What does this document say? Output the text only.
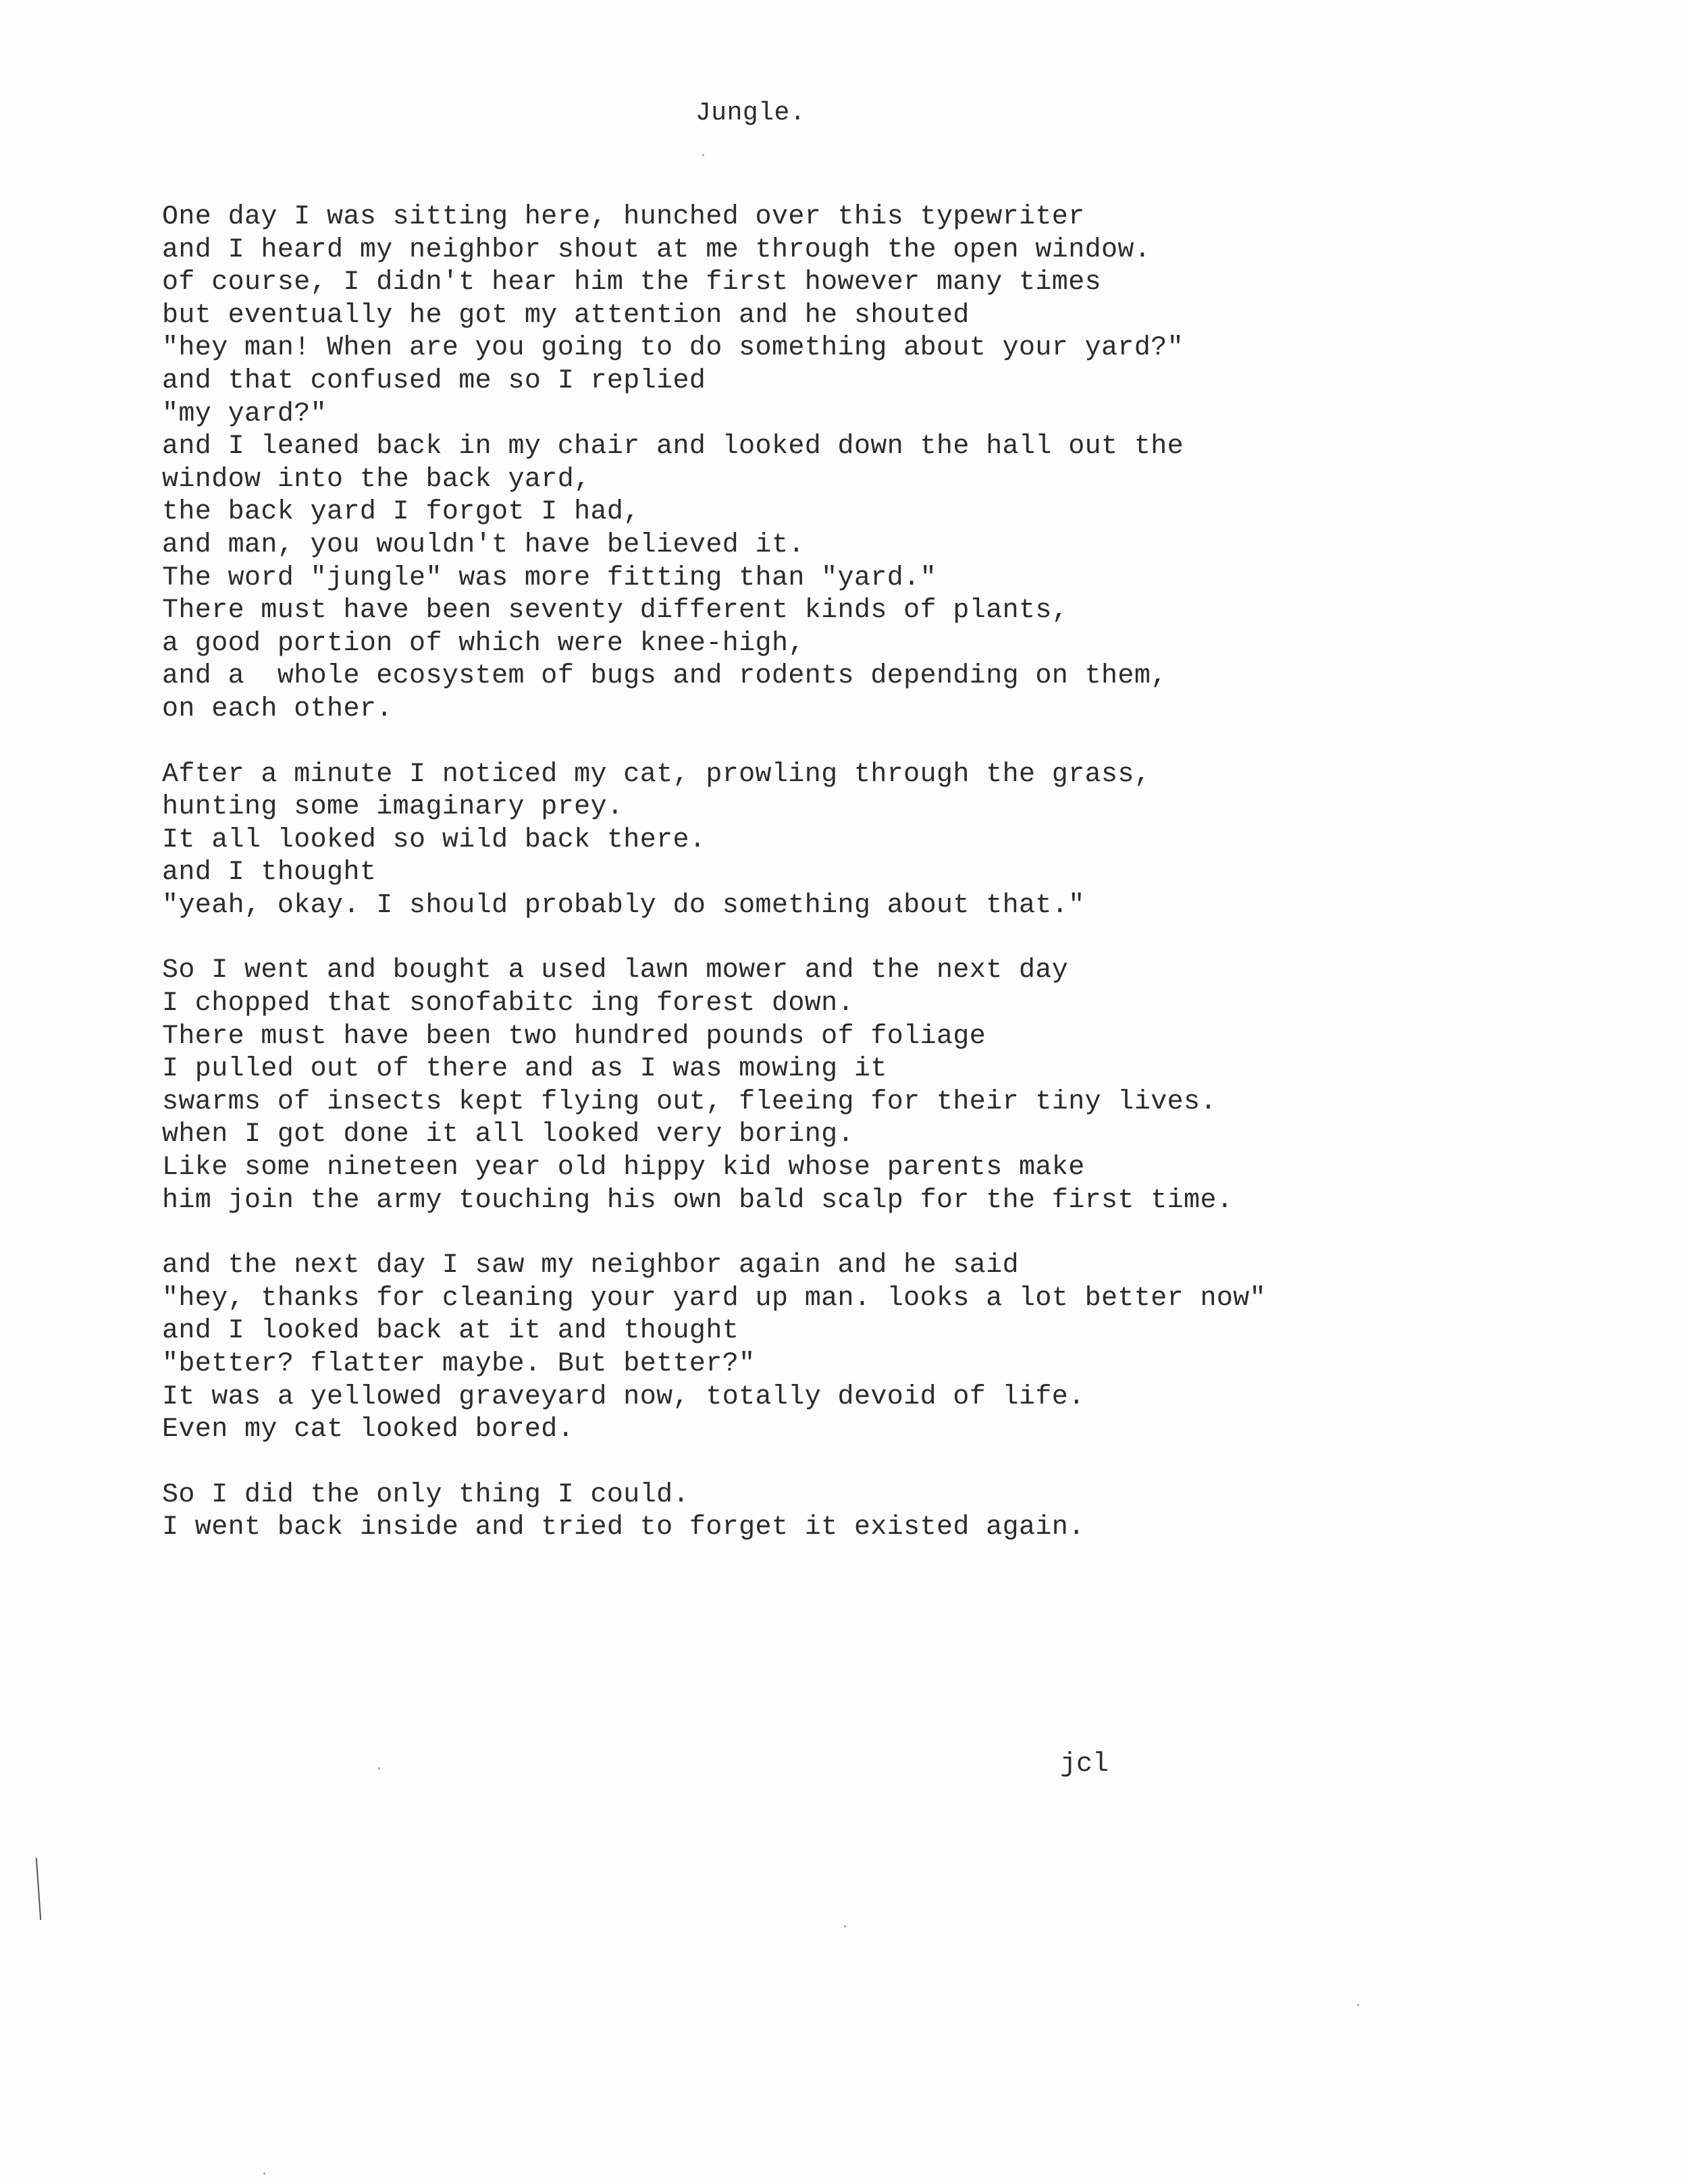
Jungle.
One day I was sitting here, hunched over this typewriter
and I heard my neighbor shout at me through the open window.
of course, I didn't hear him the first however many times
but eventually he got my attention and he shouted
"hey man! When are you going to do something about your yard?"
and that confused me so I replied
"my yard?"
and I leaned back in my chair and looked down the hall out the
window into the back yard,
the back yard I forgot I had,
and man, you wouldn't have believed it.
The word "jungle" was more fitting than "yard."
There must have been seventy different kinds of plants,
a good portion of which were knee-high,
and a  whole ecosystem of bugs and rodents depending on them,
on each other.
After a minute I noticed my cat, prowling through the grass,
hunting some imaginary prey.
It all looked so wild back there.
and I thought
"yeah, okay. I should probably do something about that."
So I went and bought a used lawn mower and the next day
I chopped that sonofabitc ing forest down.
There must have been two hundred pounds of foliage
I pulled out of there and as I was mowing it
swarms of insects kept flying out, fleeing for their tiny lives.
when I got done it all looked very boring.
Like some nineteen year old hippy kid whose parents make
him join the army touching his own bald scalp for the first time.
and the next day I saw my neighbor again and he said
"hey, thanks for cleaning your yard up man. looks a lot better now"
and I looked back at it and thought
"better? flatter maybe. But better?"
It was a yellowed graveyard now, totally devoid of life.
Even my cat looked bored.
So I did the only thing I could.
I went back inside and tried to forget it existed again.
jcl
